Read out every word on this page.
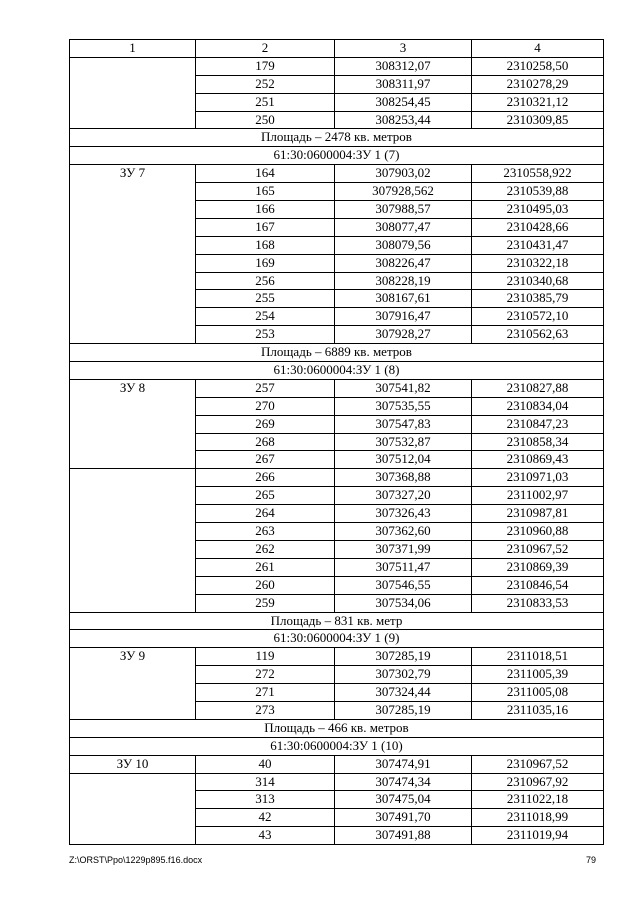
1	2	3	4
	179	308312,07	2310258,50
	252	308311,97	2310278,29
	251	308254,45	2310321,12
	250	308253,44	2310309,85
Площадь – 2478 кв. метров			
61:30:0600004:ЗУ 1 (7)			
ЗУ 7	164	307903,02	2310558,922
	165	307928,562	2310539,88
	166	307988,57	2310495,03
	167	308077,47	2310428,66
	168	308079,56	2310431,47
	169	308226,47	2310322,18
	256	308228,19	2310340,68
	255	308167,61	2310385,79
	254	307916,47	2310572,10
	253	307928,27	2310562,63
Площадь – 6889 кв. метров			
61:30:0600004:ЗУ 1 (8)			
ЗУ 8	257	307541,82	2310827,88
	270	307535,55	2310834,04
	269	307547,83	2310847,23
	268	307532,87	2310858,34
	267	307512,04	2310869,43
	266	307368,88	2310971,03
	265	307327,20	2311002,97
	264	307326,43	2310987,81
	263	307362,60	2310960,88
	262	307371,99	2310967,52
	261	307511,47	2310869,39
	260	307546,55	2310846,54
	259	307534,06	2310833,53
Площадь – 831 кв. метр			
61:30:0600004:ЗУ 1 (9)			
ЗУ 9	119	307285,19	2311018,51
	272	307302,79	2311005,39
	271	307324,44	2311005,08
	273	307285,19	2311035,16
Площадь – 466 кв. метров			
61:30:0600004:ЗУ 1 (10)			
ЗУ 10	40	307474,91	2310967,52
	314	307474,34	2310967,92
	313	307475,04	2311022,18
	42	307491,70	2311018,99
	43	307491,88	2311019,94
Z:\ORST\Ppo\1229p895.f16.docx	79
